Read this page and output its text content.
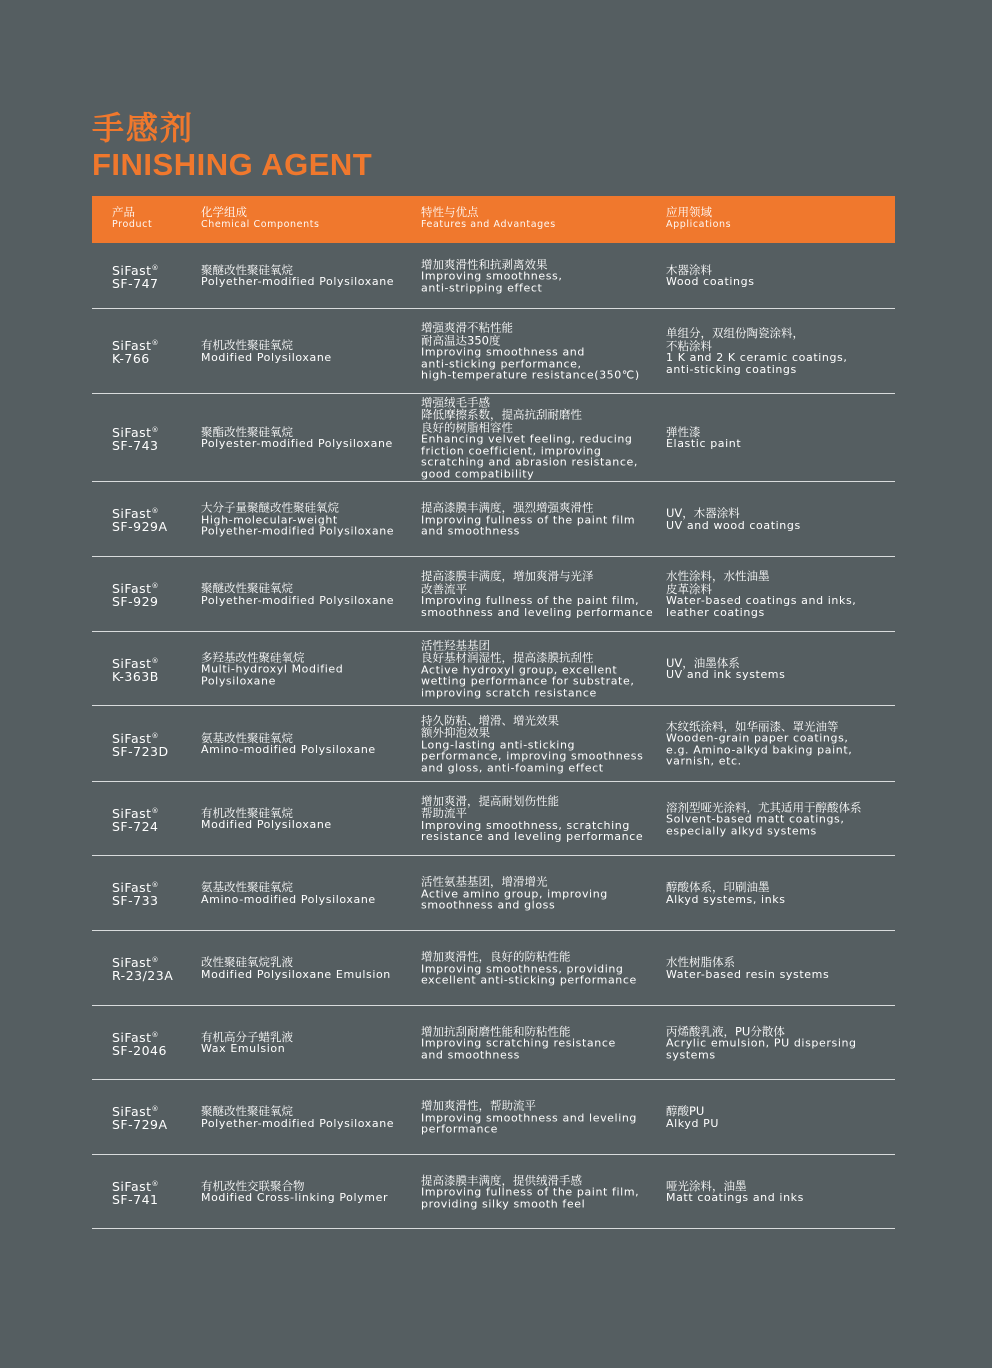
手感剂
FINISHING AGENT
产品
Product
化学组成
Chemical Components
特性与优点
Features and Advantages
应用领域
Applications
SiFast®
SF-747
聚醚改性聚硅氧烷
Polyether-modified Polysiloxane
增加爽滑性和抗剥离效果
Improving smoothness,
anti-stripping effect
木器涂料
Wood coatings
SiFast®
K-766
有机改性聚硅氧烷
Modified Polysiloxane
增强爽滑不粘性能
耐高温达350度
Improving smoothness and
anti-sticking performance,
high-temperature resistance(350℃)
单组分，双组份陶瓷涂料，
不粘涂料
1 K and 2 K ceramic coatings,
anti-sticking coatings
SiFast®
SF-743
聚酯改性聚硅氧烷
Polyester-modified Polysiloxane
增强绒毛手感
降低摩擦系数，提高抗刮耐磨性
良好的树脂相容性
Enhancing velvet feeling, reducing
friction coefficient, improving
scratching and abrasion resistance,
good compatibility
弹性漆
Elastic paint
SiFast®
SF-929A
大分子量聚醚改性聚硅氧烷
High-molecular-weight
Polyether-modified Polysiloxane
提高漆膜丰满度，强烈增强爽滑性
Improving fullness of the paint film
and smoothness
UV，木器涂料
UV and wood coatings
SiFast®
SF-929
聚醚改性聚硅氧烷
Polyether-modified Polysiloxane
提高漆膜丰满度，增加爽滑与光泽
改善流平
Improving fullness of the paint film,
smoothness and leveling performance
水性涂料，水性油墨
皮革涂料
Water-based coatings and inks,
leather coatings
SiFast®
K-363B
多羟基改性聚硅氧烷
Multi-hydroxyl Modified
Polysiloxane
活性羟基基团
良好基材润湿性，提高漆膜抗刮性
Active hydroxyl group, excellent
wetting performance for substrate,
improving scratch resistance
UV，油墨体系
UV and ink systems
SiFast®
SF-723D
氨基改性聚硅氧烷
Amino-modified Polysiloxane
持久防粘、增滑、增光效果
额外抑泡效果
Long-lasting anti-sticking
performance, improving smoothness
and gloss, anti-foaming effect
木纹纸涂料，如华丽漆、罩光油等
Wooden-grain paper coatings,
e.g. Amino-alkyd baking paint,
varnish, etc.
SiFast®
SF-724
有机改性聚硅氧烷
Modified Polysiloxane
增加爽滑，提高耐划伤性能
帮助流平
Improving smoothness, scratching
resistance and leveling performance
溶剂型哑光涂料，尤其适用于醇酸体系
Solvent-based matt coatings,
especially alkyd systems
SiFast®
SF-733
氨基改性聚硅氧烷
Amino-modified Polysiloxane
活性氨基基团，增滑增光
Active amino group, improving
smoothness and gloss
醇酸体系，印刷油墨
Alkyd systems, inks
SiFast®
R-23/23A
改性聚硅氧烷乳液
Modified Polysiloxane Emulsion
增加爽滑性，良好的防粘性能
Improving smoothness, providing
excellent anti-sticking performance
水性树脂体系
Water-based resin systems
SiFast®
SF-2046
有机高分子蜡乳液
Wax Emulsion
增加抗刮耐磨性能和防粘性能
Improving scratching resistance
and smoothness
丙烯酸乳液，PU分散体
Acrylic emulsion, PU dispersing systems
SiFast®
SF-729A
聚醚改性聚硅氧烷
Polyether-modified Polysiloxane
增加爽滑性，帮助流平
Improving smoothness and leveling
performance
醇酸PU
Alkyd PU
SiFast®
SF-741
有机改性交联聚合物
Modified Cross-linking Polymer
提高漆膜丰满度，提供绒滑手感
Improving fullness of the paint film,
providing silky smooth feel
哑光涂料，油墨
Matt coatings and inks
